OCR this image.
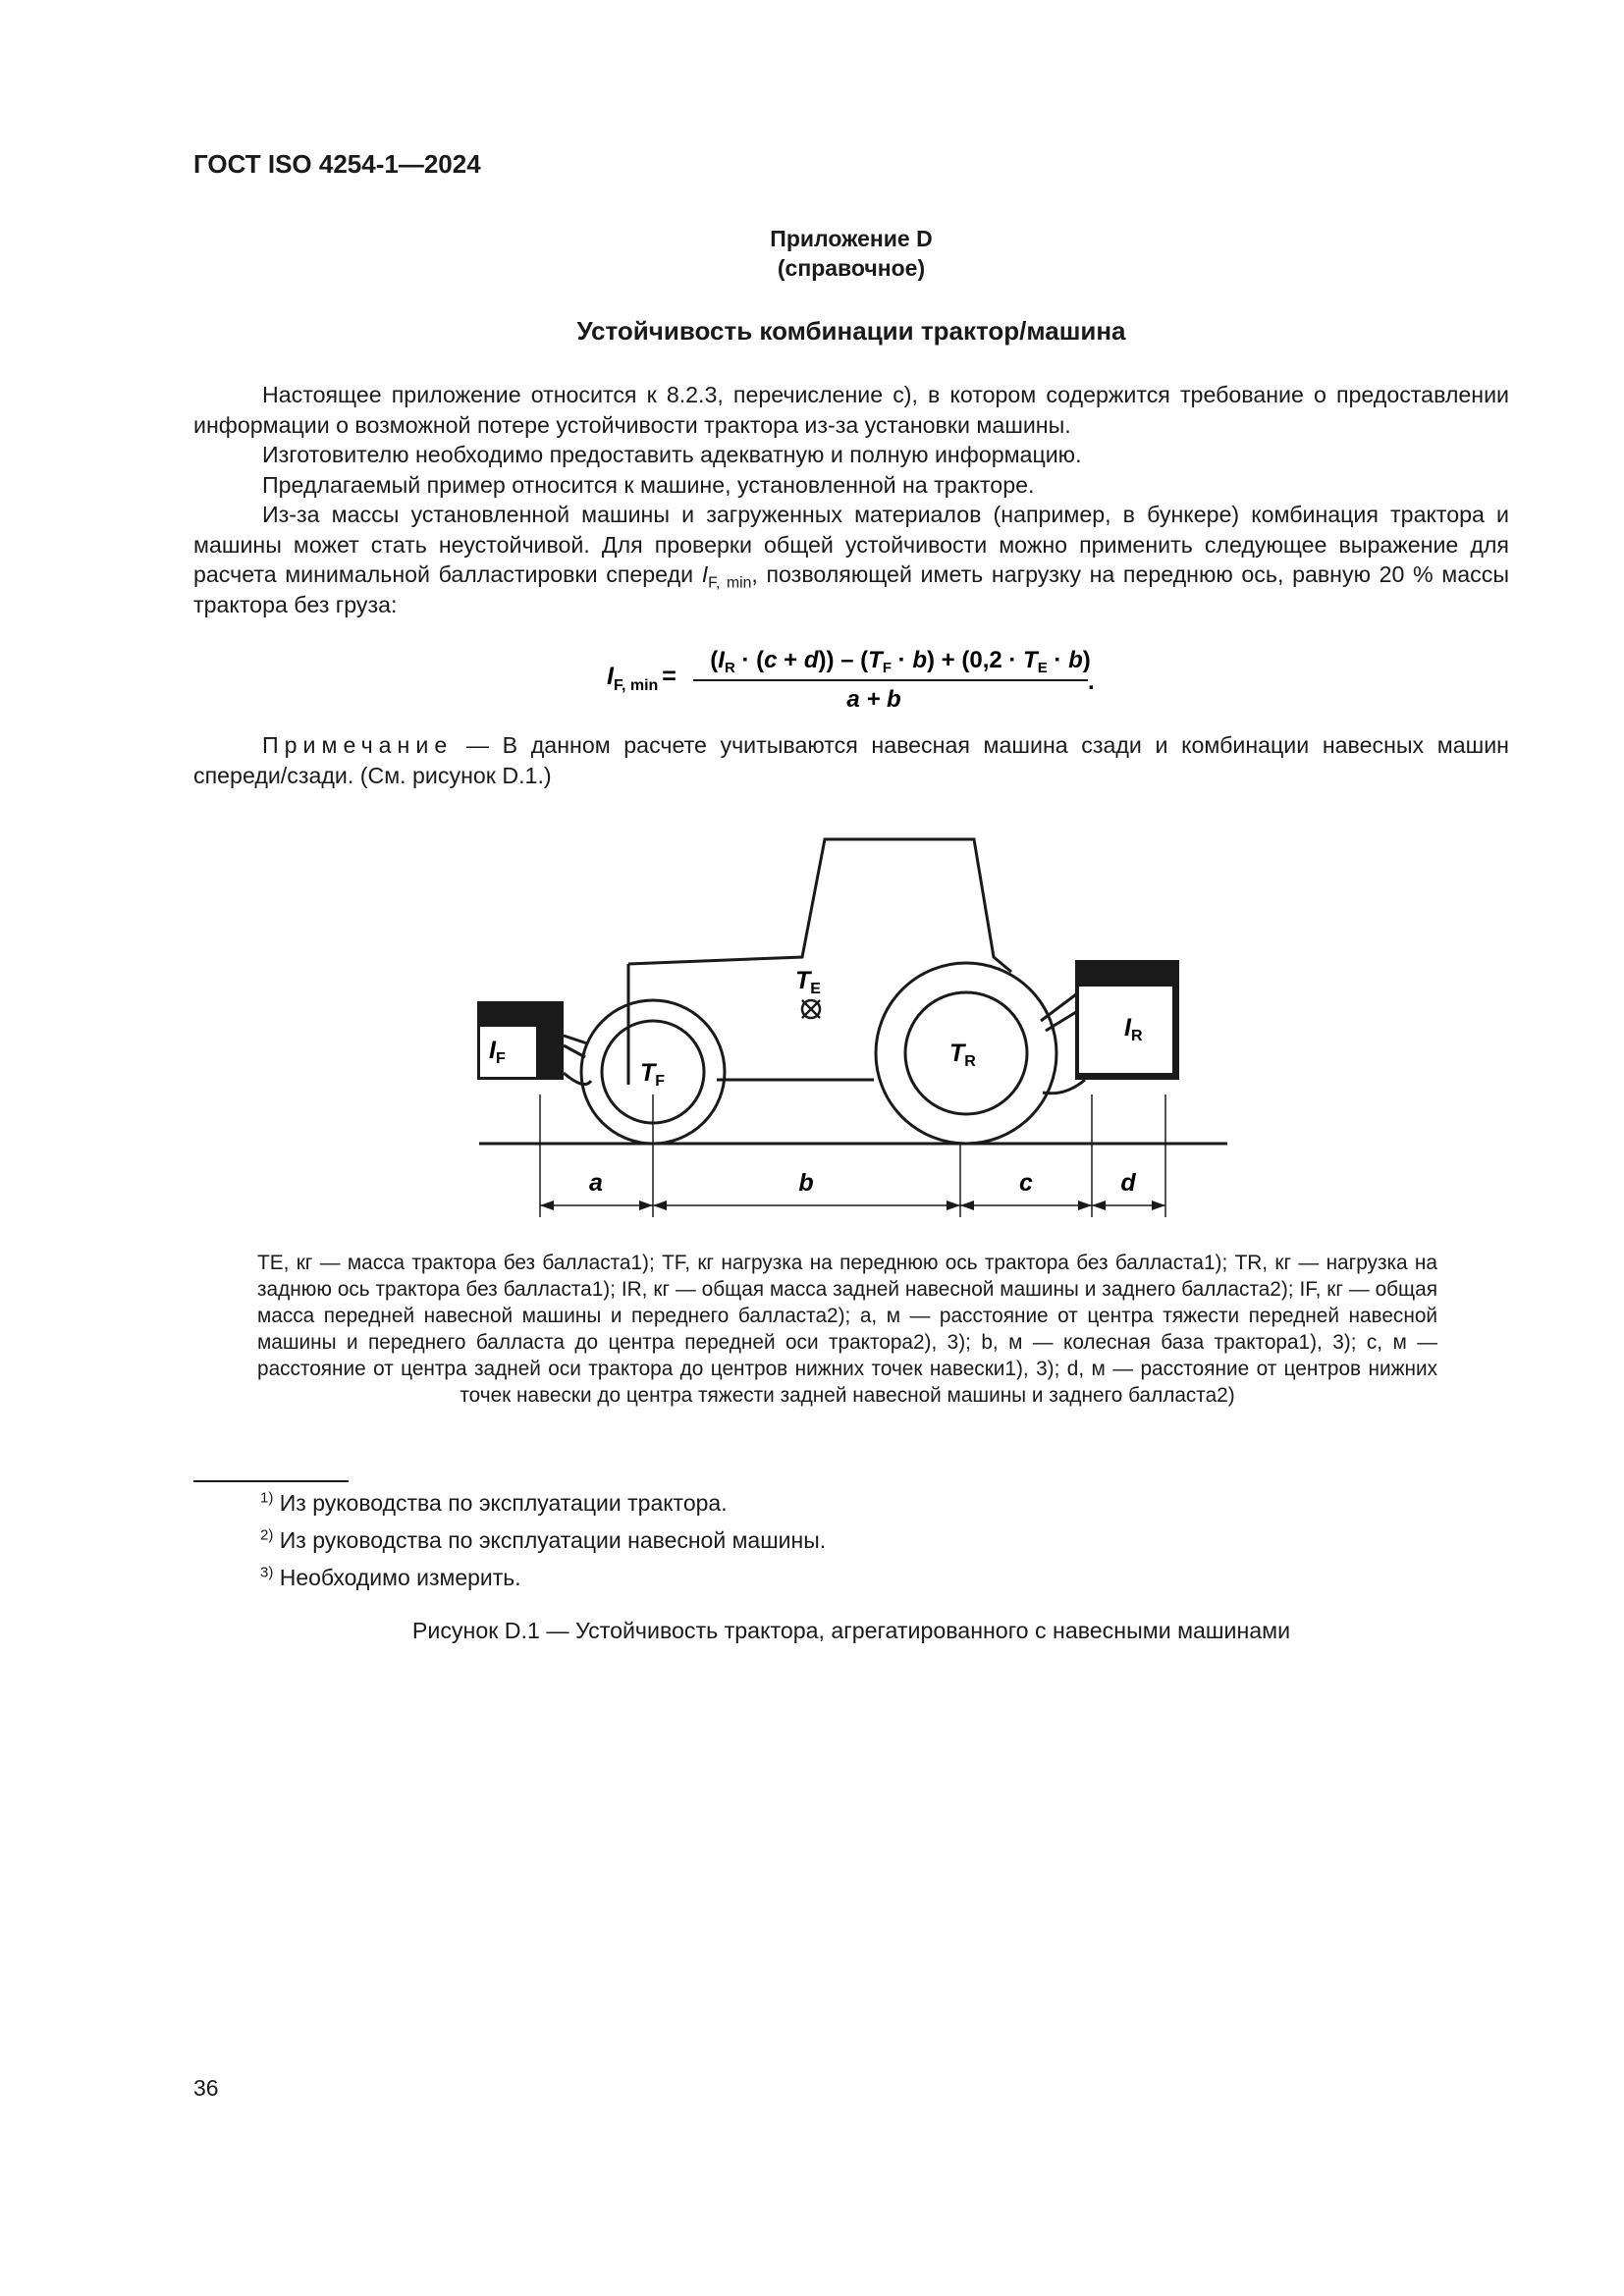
ГОСТ ISO 4254-1—2024
Приложение D
(справочное)
Устойчивость комбинации трактор/машина

Настоящее приложение относится к 8.2.3, перечисление c), в котором содержится требование о предоставлении информации о возможной потере устойчивости трактора из-за установки машины.

Изготовителю необходимо предоставить адекватную и полную информацию.

Предлагаемый пример относится к машине, установленной на тракторе.

Из-за массы установленной машины и загруженных материалов (например, в бункере) комбинация трактора и машины может стать неустойчивой. Для проверки общей устойчивости можно применить следующее выражение для расчета минимальной балластировки спереди $I_{F, min}$, позволяющей иметь нагрузку на переднюю ось, равную 20 % массы трактора без груза:

$I_{F, min}$ =
$(I_R \cdot (c + d)) - (T_F \cdot b) + (0,2 \cdot T_E \cdot b)$
a + b
.
Примечание — В данном расчете учитываются навесная машина сзади и комбинации навесных машин спереди/сзади. (См. рисунок D.1.)
$I_F$
$T_F$
$T_R$
$T_E$
$I_R$
a	b	c	d
TE, кг — масса трактора без балласта1); TF, кг нагрузка на переднюю ось трактора без балласта1); TR, кг — нагрузка на заднюю ось трактора без балласта1); IR, кг — общая масса задней навесной машины и заднего балласта2); IF, кг — общая масса передней навесной машины и переднего балласта2); a, м — расстояние от центра тяжести передней навесной машины и переднего балласта до центра передней оси трактора2), 3); b, м — колесная база трактора1), 3); c, м — расстояние от центра задней оси трактора до центров нижних точек навески1), 3); d, м — расстояние от центров нижних точек навески до центра тяжести задней навесной машины и заднего балласта2)
$^{1)}$ Из руководства по эксплуатации трактора.
$^{2)}$ Из руководства по эксплуатации навесной машины.
$^{3)}$ Необходимо измерить.
Рисунок D.1 — Устойчивость трактора, агрегатированного с навесными машинами
36
